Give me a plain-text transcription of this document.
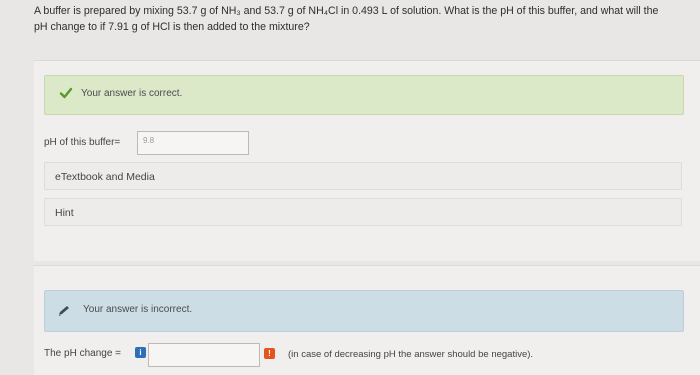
A buffer is prepared by mixing 53.7 g of NH₃ and 53.7 g of NH₄Cl in 0.493 L of solution. What is the pH of this buffer, and what will the
pH change to if 7.91 g of HCl is then added to the mixture?
Your answer is correct.
pH of this buffer=	9.8
eTextbook and Media
Hint
Your answer is incorrect.
The pH change =	i	!	(in case of decreasing pH the answer should be negative).
